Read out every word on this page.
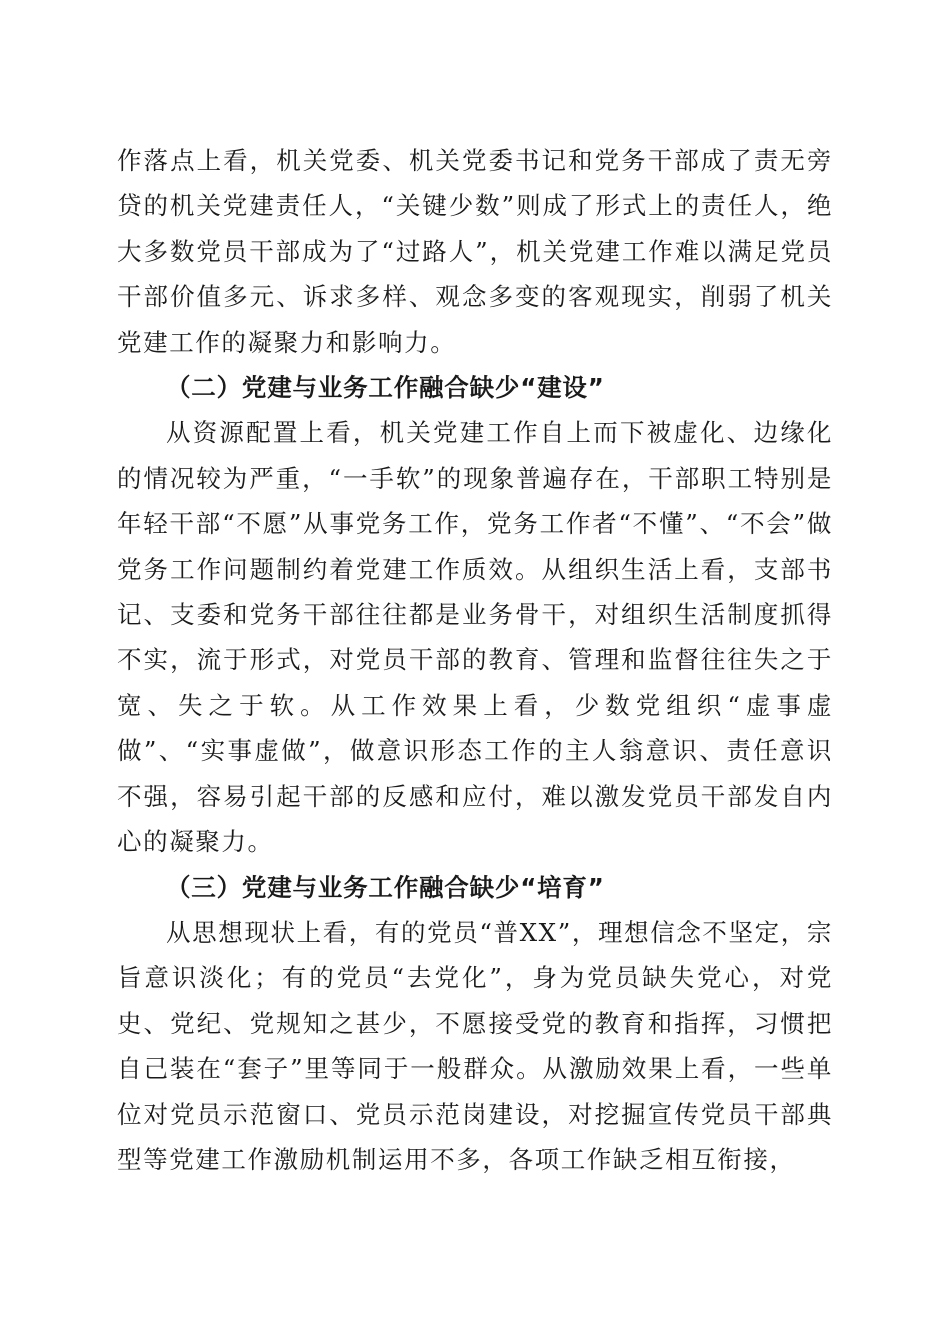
作落点上看，机关党委、机关党委书记和党务干部成了责无旁贷的机关党建责任人，“关键少数”则成了形式上的责任人，绝大多数党员干部成为了“过路人”，机关党建工作难以满足党员干部价值多元、诉求多样、观念多变的客观现实，削弱了机关党建工作的凝聚力和影响力。

（二）党建与业务工作融合缺少“建设”

从资源配置上看，机关党建工作自上而下被虚化、边缘化的情况较为严重，“一手软”的现象普遍存在，干部职工特别是年轻干部“不愿”从事党务工作，党务工作者“不懂”、“不会”做党务工作问题制约着党建工作质效。从组织生活上看，支部书记、支委和党务干部往往都是业务骨干，对组织生活制度抓得不实，流于形式，对党员干部的教育、管理和监督往往失之于宽、失之于软。从工作效果上看，少数党组织“虚事虚做”、“实事虚做”，做意识形态工作的主人翁意识、责任意识不强，容易引起干部的反感和应付，难以激发党员干部发自内心的凝聚力。

（三）党建与业务工作融合缺少“培育”

从思想现状上看，有的党员“普XX”，理想信念不坚定，宗旨意识淡化；有的党员“去党化”，身为党员缺失党心，对党史、党纪、党规知之甚少，不愿接受党的教育和指挥，习惯把自己装在“套子”里等同于一般群众。从激励效果上看，一些单位对党员示范窗口、党员示范岗建设，对挖掘宣传党员干部典型等党建工作激励机制运用不多，各项工作缺乏相互衔接，
